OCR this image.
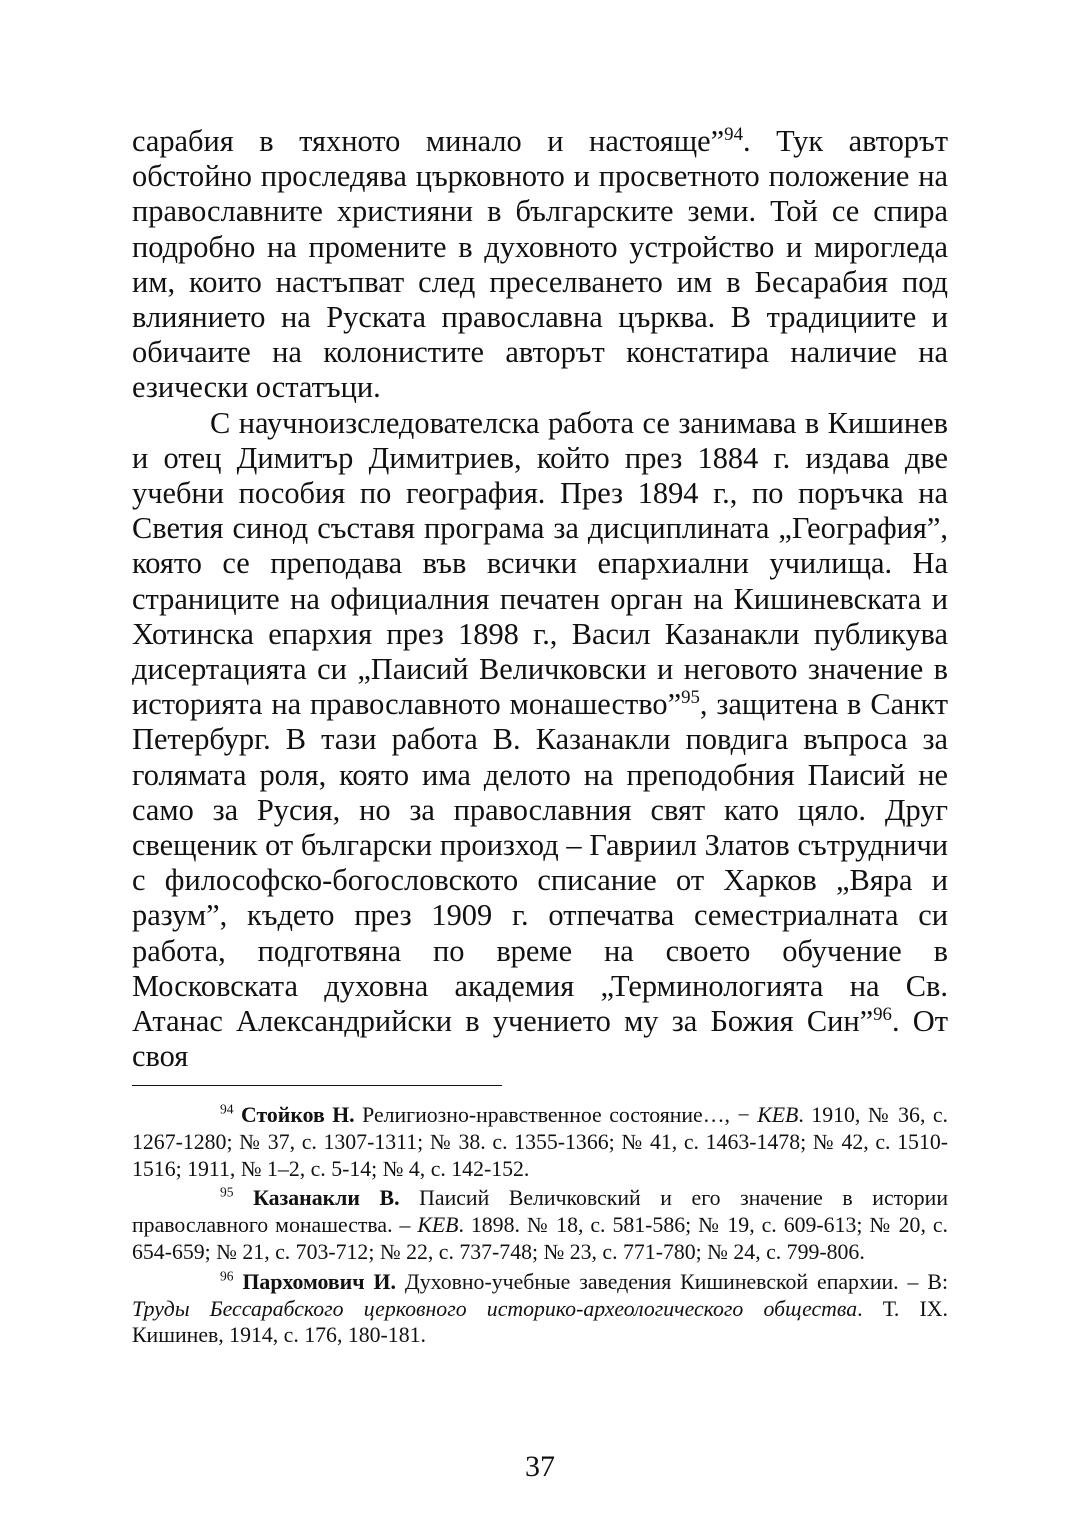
сарабия в тяхното минало и настояще”$^{94}$. Тук авторът обстойно проследява църковното и просветното положение на православните християни в българските земи. Той се спира подробно на промените в духовното устройство и мирогледа им, които настъпват след преселването им в Бесарабия под влиянието на Руската православна църква. В традициите и обичаите на колонистите авторът констатира наличие на езически остатъци.

С научноизследователска работа се занимава в Кишинев и отец Димитър Димитриев, който през 1884 г. издава две учебни пособия по география. През 1894 г., по поръчка на Светия синод съставя програма за дисциплината „География”, която се преподава във всички епархиални училища. На страниците на официалния печатен орган на Кишиневската и Хотинска епархия през 1898 г., Васил Казанакли публикува дисертацията си „Паисий Величковски и неговото значение в историята на православното монашество”$^{95}$, защитена в Санкт Петербург. В тази работа В. Казанакли повдига въпроса за голямата роля, която има делото на преподобния Паисий не само за Русия, но за православния свят като цяло. Друг свещеник от български произход – Гавриил Златов сътрудничи с философско-богословското списание от Харков „Вяра и разум”, където през 1909 г. отпечатва семестриалната си работа, подготвяна по време на своето обучение в Московската духовна академия „Терминологията на Св. Атанас Александрийски в учението му за Божия Син”$^{96}$. От своя

$^{94}$ Стойков Н. Религиозно-нравственное состояние…, − КЕВ. 1910, № 36, с. 1267-1280; № 37, с. 1307-1311; № 38. с. 1355-1366; № 41, с. 1463-1478; № 42, с. 1510-1516; 1911, № 1–2, с. 5-14; № 4, с. 142-152.

$^{95}$ Казанакли В. Паисий Величковский и его значение в истории православного монашества. – КЕВ. 1898. № 18, с. 581-586; № 19, с. 609-613; № 20, с. 654-659; № 21, с. 703-712; № 22, с. 737-748; № 23, с. 771-780; № 24, с. 799-806.

$^{96}$ Пархомович И. Духовно-учебные заведения Кишиневской епархии. – В: Труды Бессарабского церковного историко-археологического общества. Т. IX. Кишинев, 1914, с. 176, 180-181.

37
